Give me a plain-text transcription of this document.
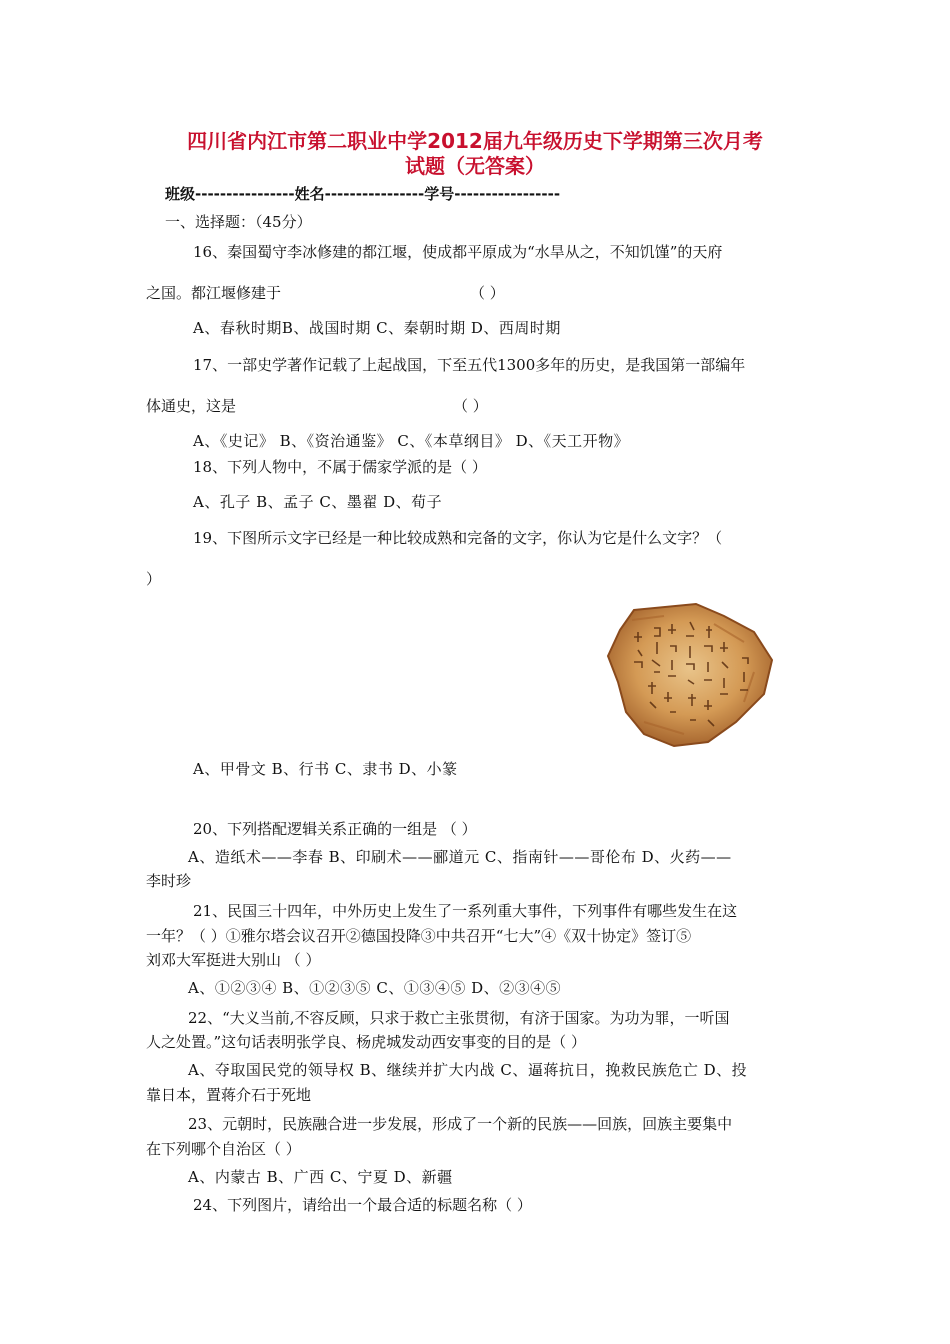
四川省内江市第二职业中学2012届九年级历史下学期第三次月考
试题（无答案）
班级----------------姓名----------------学号-----------------
一、选择题：（45分）
16、秦国蜀守李冰修建的都江堰，使成都平原成为“水旱从之，不知饥馑”的天府
之国。都江堰修建于	（ ）
A、春秋时期B、战国时期 C、秦朝时期 D、西周时期
17、一部史学著作记载了上起战国，下至五代1300多年的历史，是我国第一部编年
体通史，这是	（ ）
A、《史记》 B、《资治通鉴》 C、《本草纲目》 D、《天工开物》
18、下列人物中，不属于儒家学派的是（ ）
A、孔子 B、孟子 C、墨翟 D、荀子
19、下图所示文字已经是一种比较成熟和完备的文字，你认为它是什么文字？（
）
A、甲骨文 B、行书 C、隶书 D、小篆
20、下列搭配逻辑关系正确的一组是 （ ）
A、造纸术——李春 B、印刷术——郦道元 C、指南针——哥伦布 D、火药——
李时珍
21、民国三十四年，中外历史上发生了一系列重大事件，下列事件有哪些发生在这
一年？（ ）①雅尔塔会议召开②德国投降③中共召开“七大”④《双十协定》签订⑤
刘邓大军挺进大别山 （ ）
A、①②③④ B、①②③⑤ C、①③④⑤ D、②③④⑤
22、“大义当前,不容反顾，只求于救亡主张贯彻，有济于国家。为功为罪，一听国
人之处置。”这句话表明张学良、杨虎城发动西安事变的目的是（ ）
A、夺取国民党的领导权 B、继续并扩大内战 C、逼蒋抗日，挽救民族危亡 D、投
靠日本，置蒋介石于死地
23、元朝时，民族融合进一步发展，形成了一个新的民族——回族，回族主要集中
在下列哪个自治区（ ）
A、内蒙古 B、广西 C、宁夏 D、新疆
24、下列图片，请给出一个最合适的标题名称（ ）
